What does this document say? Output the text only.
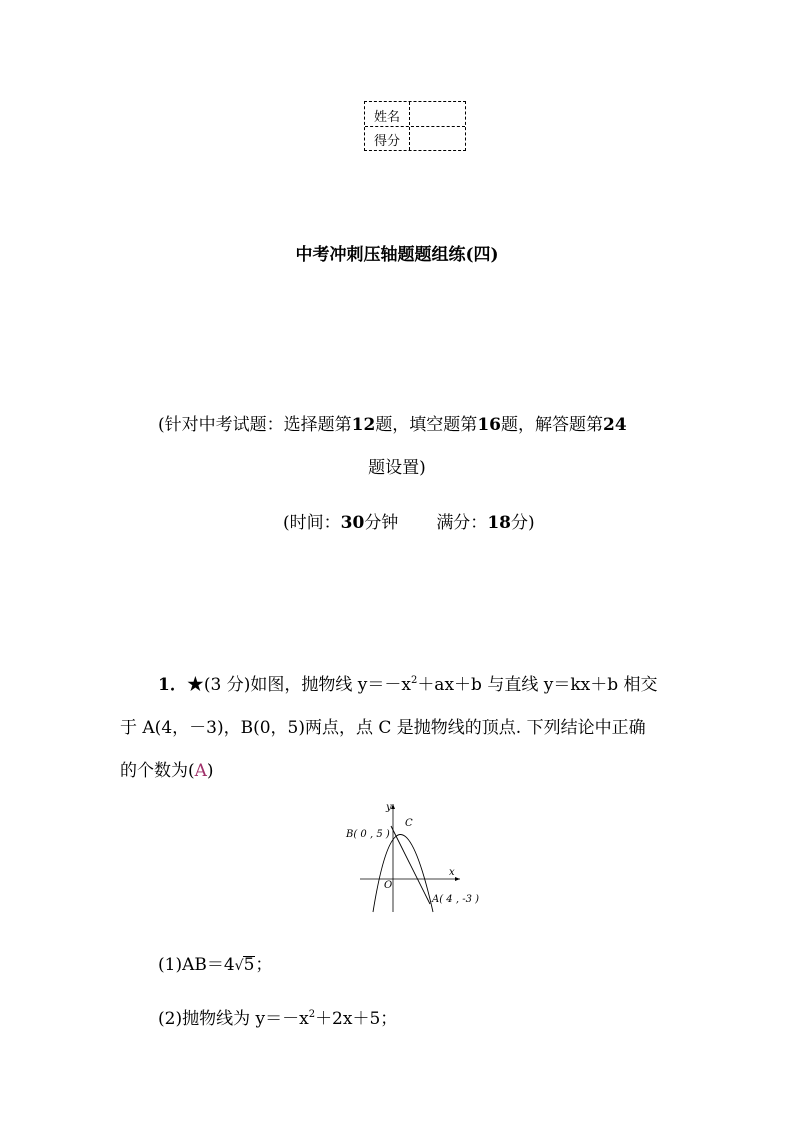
姓名
得分
中考冲刺压轴题题组练(四)
(针对中考试题：选择题第12题，填空题第16题，解答题第24
题设置)
(时间：30分钟 满分：18分)
1．★(3 分)如图，抛物线 $y=-x^2+ax+b$ 与直线 y＝kx＋b 相交
于 A(4，－3)，B(0，5)两点，点 C 是抛物线的顶点. 下列结论中正确
的个数为(A)
B( 0 , 5 )
C
O
x
y
A( 4 , -3 )
(1)AB＝4√5；
(2)抛物线为 $y=-x^2+2x+5$；
